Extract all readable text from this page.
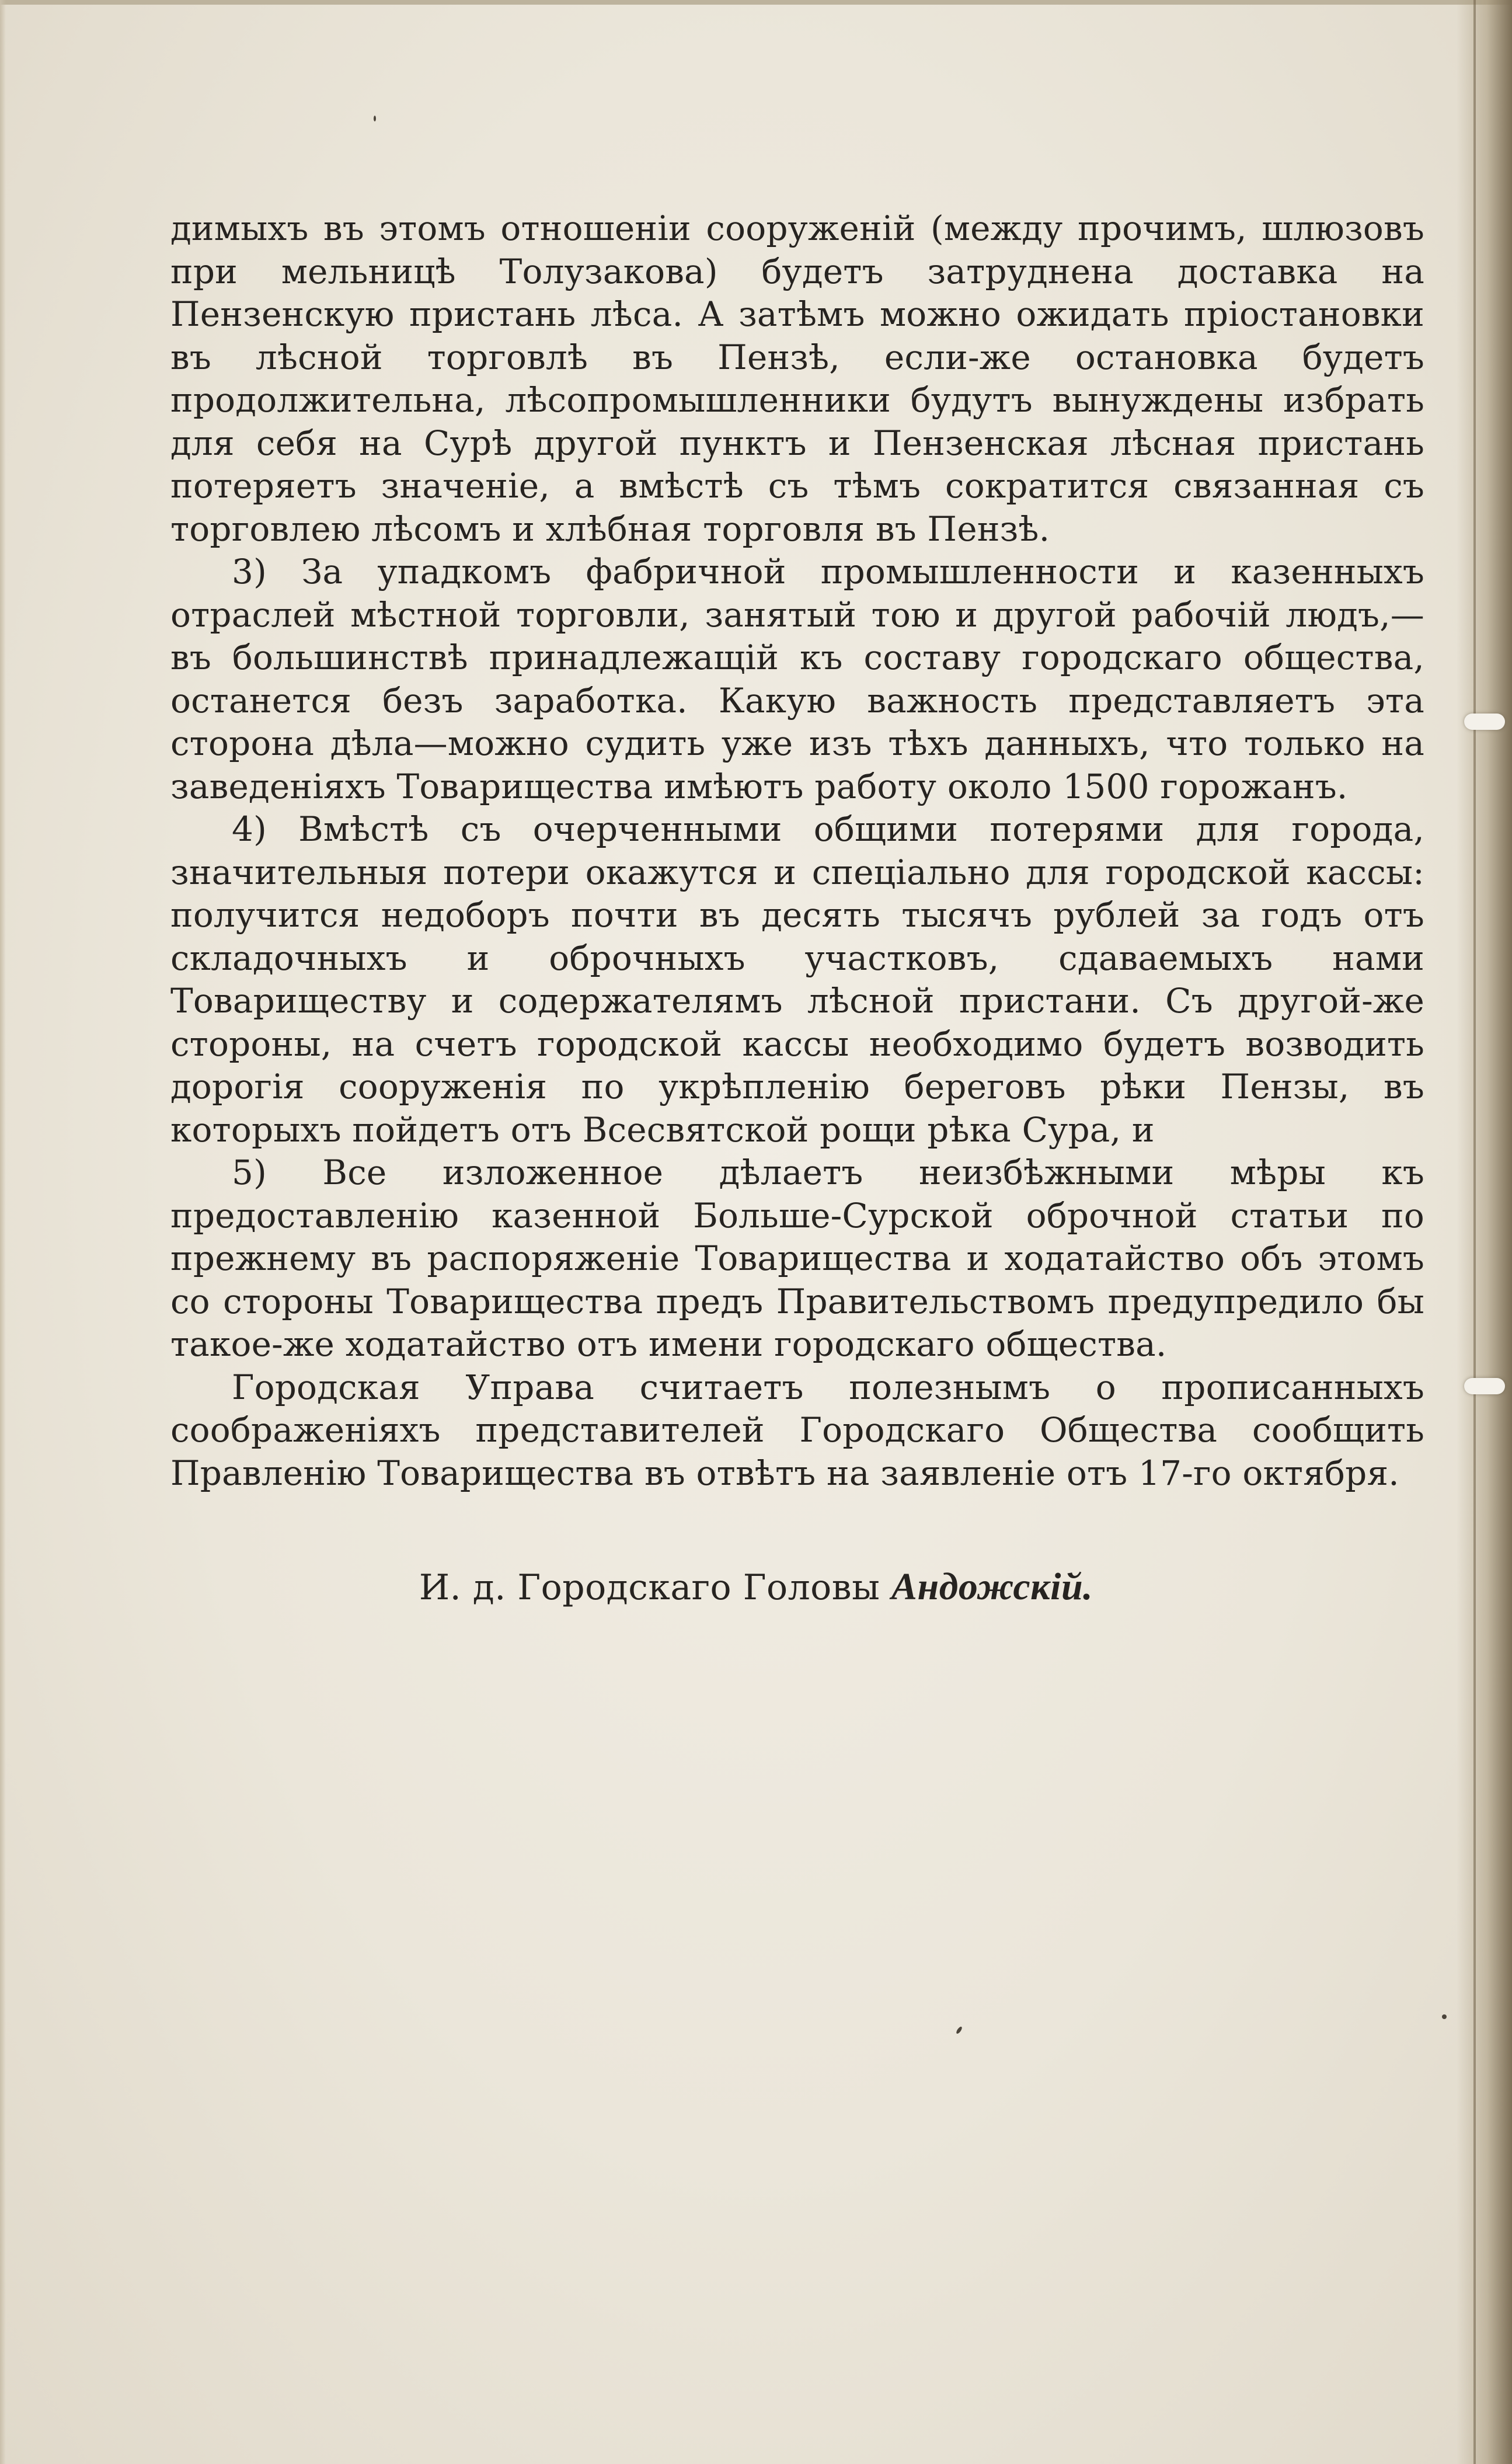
димыхъ въ этомъ отношеніи сооруженій (между прочимъ, шлюзовъ при мельницѣ Толузакова) будетъ затруднена доставка на Пензенскую пристань лѣса. А затѣмъ можно ожидать пріостановки въ лѣсной торговлѣ въ Пензѣ, если-же остановка будетъ продолжительна, лѣсопромышленники будутъ вынуждены избрать для себя на Сурѣ другой пунктъ и Пензенская лѣсная пристань потеряетъ значеніе, а вмѣстѣ съ тѣмъ сократится связанная съ торговлею лѣсомъ и хлѣбная торговля въ Пензѣ.

3) За упадкомъ фабричной промышленности и казенныхъ отраслей мѣстной торговли, занятый тою и другой рабочій людъ,—въ большинствѣ принадлежащій къ составу городскаго общества, останется безъ заработка. Какую важность представляетъ эта сторона дѣла—можно судить уже изъ тѣхъ данныхъ, что только на заведеніяхъ Товарищества имѣютъ работу около 1500 горожанъ.

4) Вмѣстѣ съ очерченными общими потерями для города, значительныя потери окажутся и спеціально для городской кассы: получится недоборъ почти въ десять тысячъ рублей за годъ отъ складочныхъ и оброчныхъ участковъ, сдаваемыхъ нами Товариществу и содержателямъ лѣсной пристани. Съ другой-же стороны, на счетъ городской кассы необходимо будетъ возводить дорогія сооруженія по укрѣпленію береговъ рѣки Пензы, въ которыхъ пойдетъ отъ Всесвятской рощи рѣка Сура, и

5) Все изложенное дѣлаетъ неизбѣжными мѣры къ предоставленію казенной Больше-Сурской оброчной статьи по прежнему въ распоряженіе Товарищества и ходатайство объ этомъ со стороны Товарищества предъ Правительствомъ предупредило бы такое-же ходатайство отъ имени городскаго общества.

Городская Управа считаетъ полезнымъ о прописанныхъ соображеніяхъ представителей Городскаго Общества сообщить Правленію Товарищества въ отвѣтъ на заявленіе отъ 17-го октября.

И. д. Городскаго Головы Андожскій.
